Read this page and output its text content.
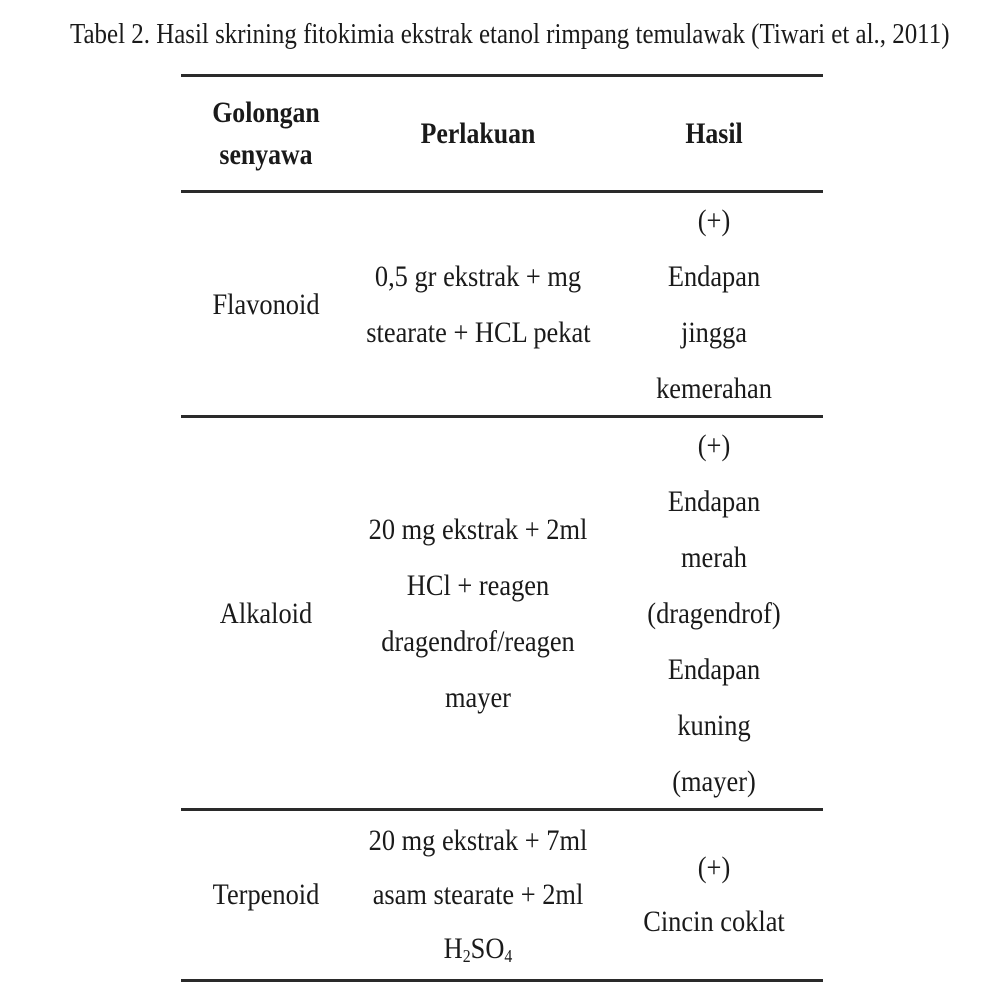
Tabel 2. Hasil skrining fitokimia ekstrak etanol rimpang temulawak (Tiwari et al., 2011)
Golongan
senyawa
Perlakuan	Hasil
Flavonoid
0,5 gr ekstrak + mg
stearate + HCL pekat
(+)
Endapan
jingga
kemerahan
Alkaloid
20 mg ekstrak + 2ml
HCl + reagen
dragendrof/reagen
mayer
(+)
Endapan
merah
(dragendrof)
Endapan
kuning
(mayer)
Terpenoid
20 mg ekstrak + 7ml
asam stearate + 2ml
$H_2SO_4$
(+)
Cincin coklat
